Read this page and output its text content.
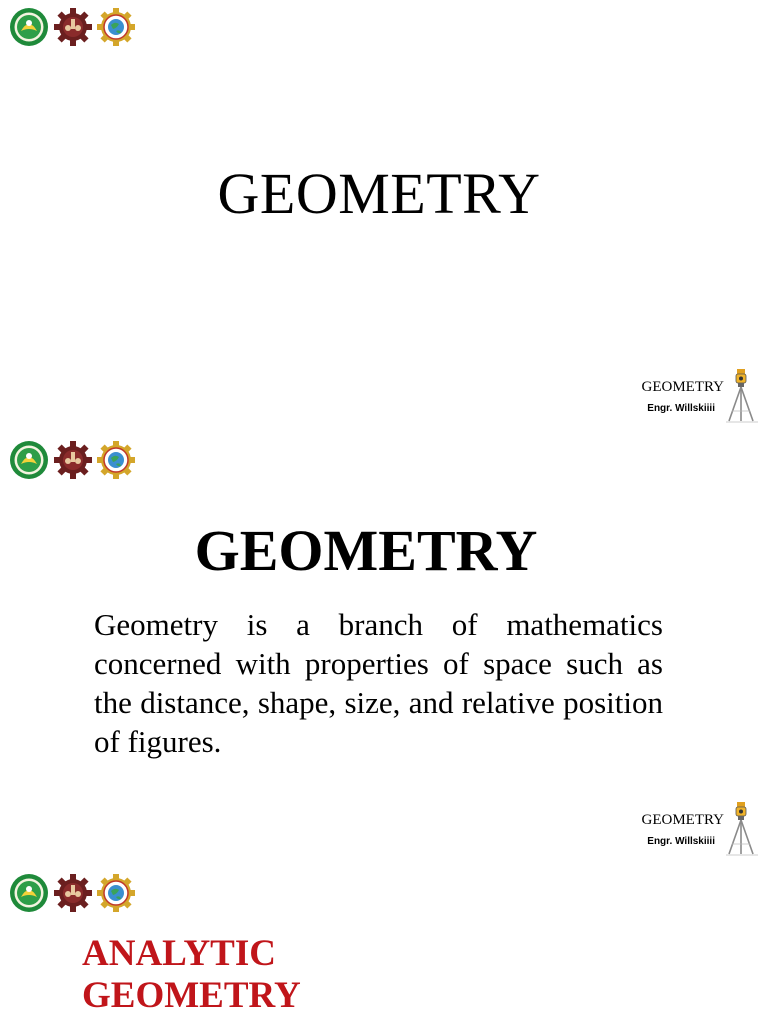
GEOMETRY
GEOMETRY
Engr. Willskiiii
GEOMETRY

Geometry is a branch of mathematics concerned with properties of space such as the distance, shape, size, and relative position of figures.

GEOMETRY
Engr. Willskiiii
ANALYTIC
GEOMETRY
